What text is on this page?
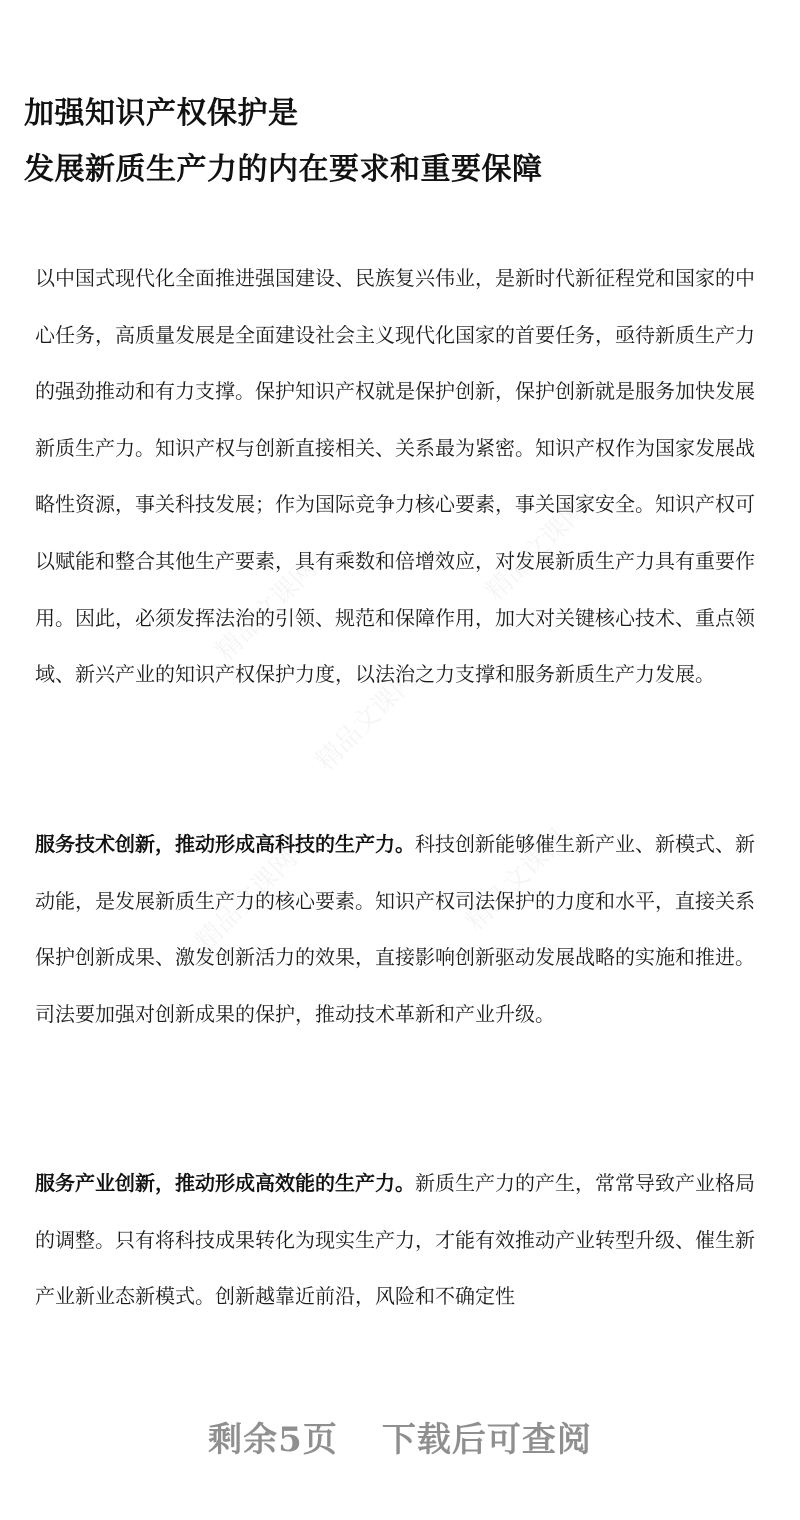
加强知识产权保护是
发展新质生产力的内在要求和重要保障

以中国式现代化全面推进强国建设、民族复兴伟业，是新时代新征程党和国家的中心任务，高质量发展是全面建设社会主义现代化国家的首要任务，亟待新质生产力的强劲推动和有力支撑。保护知识产权就是保护创新，保护创新就是服务加快发展新质生产力。知识产权与创新直接相关、关系最为紧密。知识产权作为国家发展战略性资源，事关科技发展；作为国际竞争力核心要素，事关国家安全。知识产权可以赋能和整合其他生产要素，具有乘数和倍增效应，对发展新质生产力具有重要作用。因此，必须发挥法治的引领、规范和保障作用，加大对关键核心技术、重点领域、新兴产业的知识产权保护力度，以法治之力支撑和服务新质生产力发展。

服务技术创新，推动形成高科技的生产力。科技创新能够催生新产业、新模式、新动能，是发展新质生产力的核心要素。知识产权司法保护的力度和水平，直接关系保护创新成果、激发创新活力的效果，直接影响创新驱动发展战略的实施和推进。司法要加强对创新成果的保护，推动技术革新和产业升级。

服务产业创新，推动形成高效能的生产力。新质生产力的产生，常常导致产业格局的调整。只有将科技成果转化为现实生产力，才能有效推动产业转型升级、催生新产业新业态新模式。创新越靠近前沿，风险和不确定性

剩余5页 下载后可查阅
